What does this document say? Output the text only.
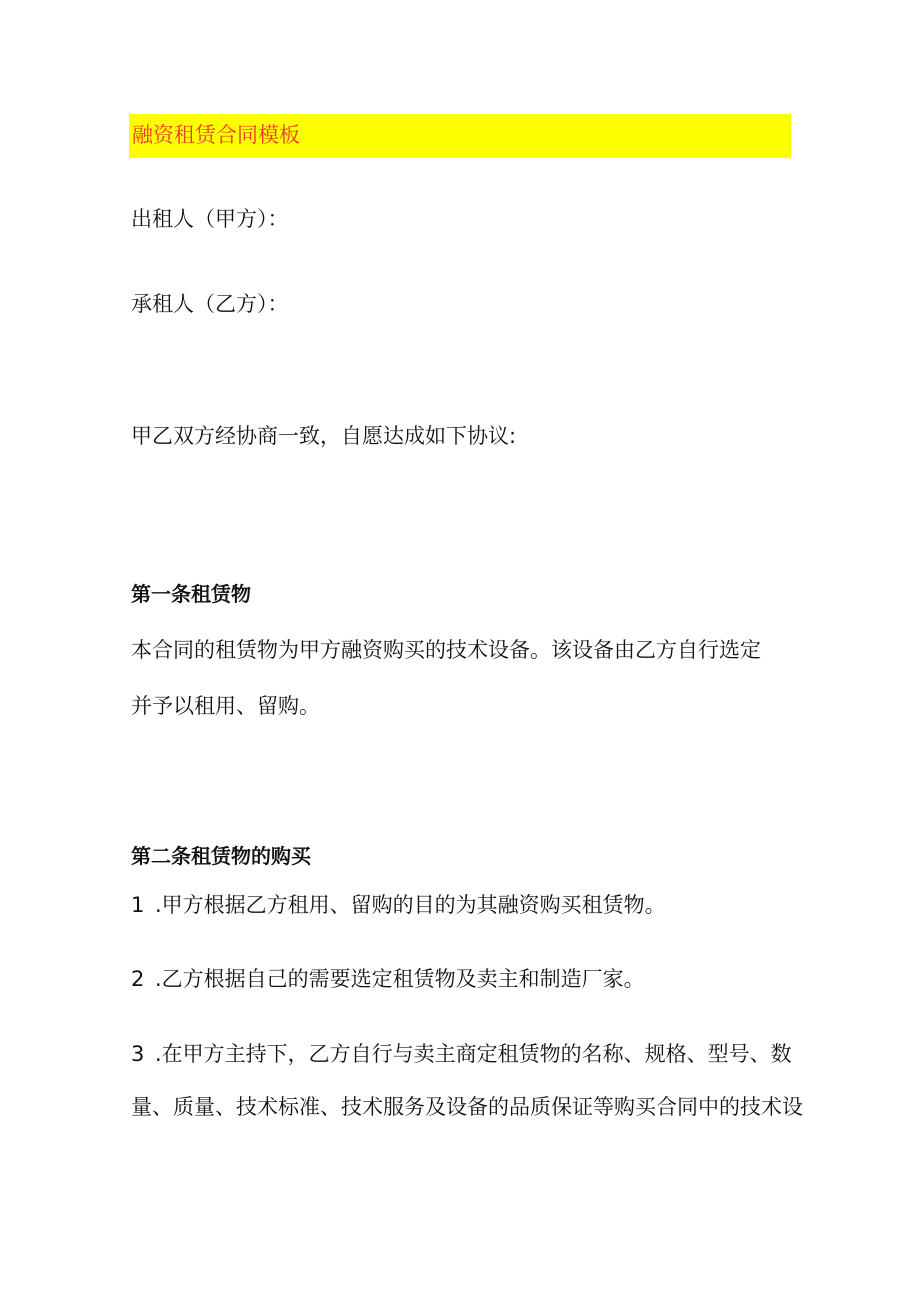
融资租赁合同模板
出租人（甲方）：
承租人（乙方）：
甲乙双方经协商一致，自愿达成如下协议:
第一条租赁物
本合同的租赁物为甲方融资购买的技术设备。该设备由乙方自行选定
并予以租用、留购。
第二条租赁物的购买
1 .甲方根据乙方租用、留购的目的为其融资购买租赁物。
2 .乙方根据自己的需要选定租赁物及卖主和制造厂家。
3 .在甲方主持下，乙方自行与卖主商定租赁物的名称、规格、型号、数
量、质量、技术标准、技术服务及设备的品质保证等购买合同中的技术设
